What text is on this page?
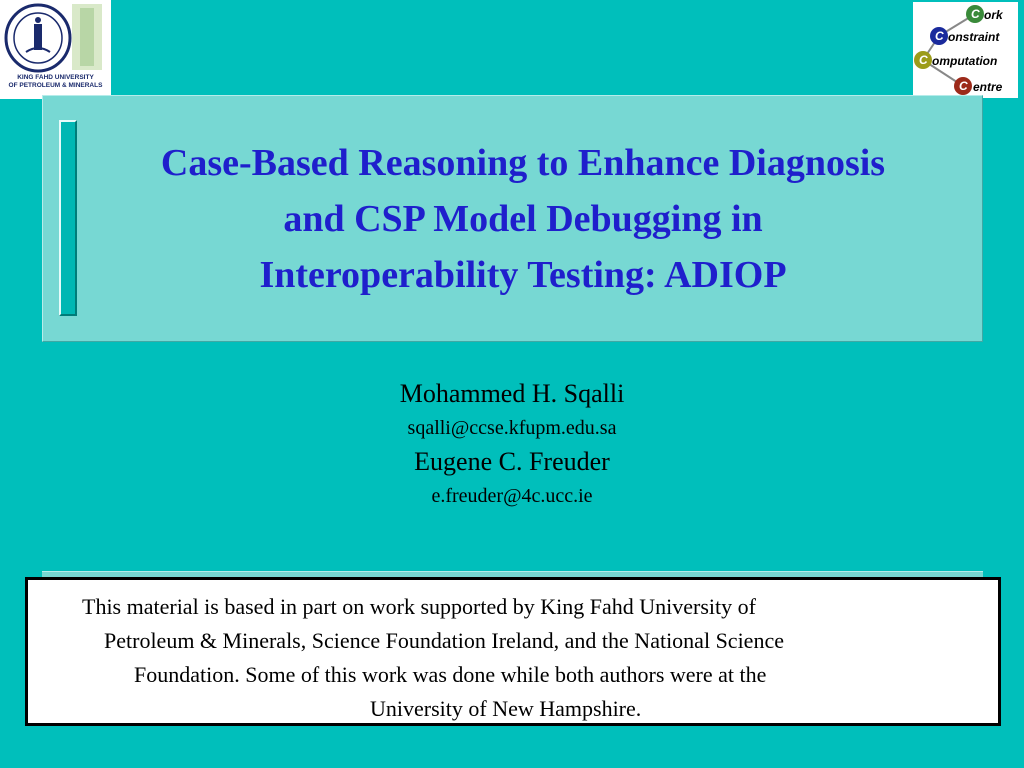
KING FAHD UNIVERSITY
OF PETROLEUM & MINERALS
C ork
C onstraint
C omputation
C entre
Case-Based Reasoning to Enhance Diagnosis
and CSP Model Debugging in
Interoperability Testing: ADIOP
Mohammed H. Sqalli
sqalli@ccse.kfupm.edu.sa
Eugene C. Freuder
e.freuder@4c.ucc.ie
This material is based in part on work supported by King Fahd University of
Petroleum & Minerals, Science Foundation Ireland, and the National Science
Foundation. Some of this work was done while both authors were at the
University of New Hampshire.
